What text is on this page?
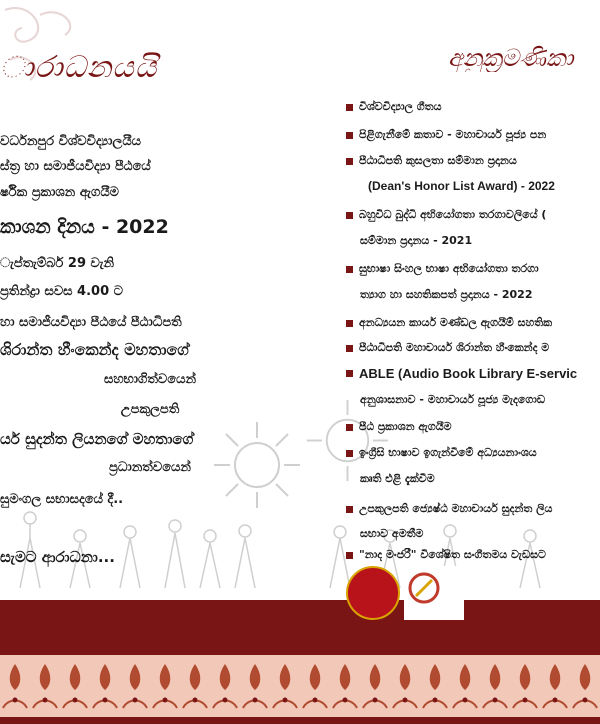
ාරාධනයයි
වර්ධනපුර විශ්වවිද්‍යාලයීය
ස්ත්‍ර හා සමාජීයවිද්‍යා පීඨයේ
ර්ෂික ප්‍රකාශන ඇගයීම
කාශන දිනය - 2022
ැප්තැම්බර් 29 වැනි
ප්‍රතින්ද්‍රා සවස 4.00 ට
හා සමාජීයවිද්‍යා පීඨයේ පීඨාධිපති
ශිරාන්ත හීංකෙන්ද මහතාගේ
සහභාගිත්වයෙන්
උපකුලපති
ර්ය සුදන්ත ලියනගේ මහතාගේ
ප්‍රධානත්වයෙන්
සුමංගල සභාසදයේ දී..
සැමට ආරාධනා...
අනුක්‍රමණිකා
විශ්වවිද්‍යාල ගීතය
පිළිගැනීමේ කතාව - මහාචාර්ය පූජ්‍ය පන
පීඨාධිපති කුසලතා සම්මාන ප්‍රදානය
(Dean's Honor List Award) - 2022
බහුවිධ බුද්ධි අභියෝගතා තරගාවලියේ (
සම්මාන ප්‍රදානය - 2021
සුභාෂා සිංහල භාෂා අභියෝගතා තරගා
ත්‍යාග හා සහතිකපත් ප්‍රදානය - 2022
අනධ්‍යයන කාර්ය මණ්ඩල ඇගයීම් සහතික
පීඨාධිපති මහාචාර්ය ශිරාන්ත හීංකෙන්ද ම
ABLE (Audio Book Library E-servic
අනුශාසනාව - මහාචාර්ය පූජ්‍ය මැදගොඩ
පීඨ ප්‍රකාශන ඇගයීම
ඉංග්‍රීසි භාෂාව ඉගැන්වීමේ අධ්‍යයනාංශය
කෘති එළි දැක්වීම
උපකුලපති ජ්‍යෙෂ්ඨ මහාචාර්ය සුදන්ත ලිය
සභාව අමතීම
"නාද මංජරී" විශේෂිත සංගීතමය වැඩසට
